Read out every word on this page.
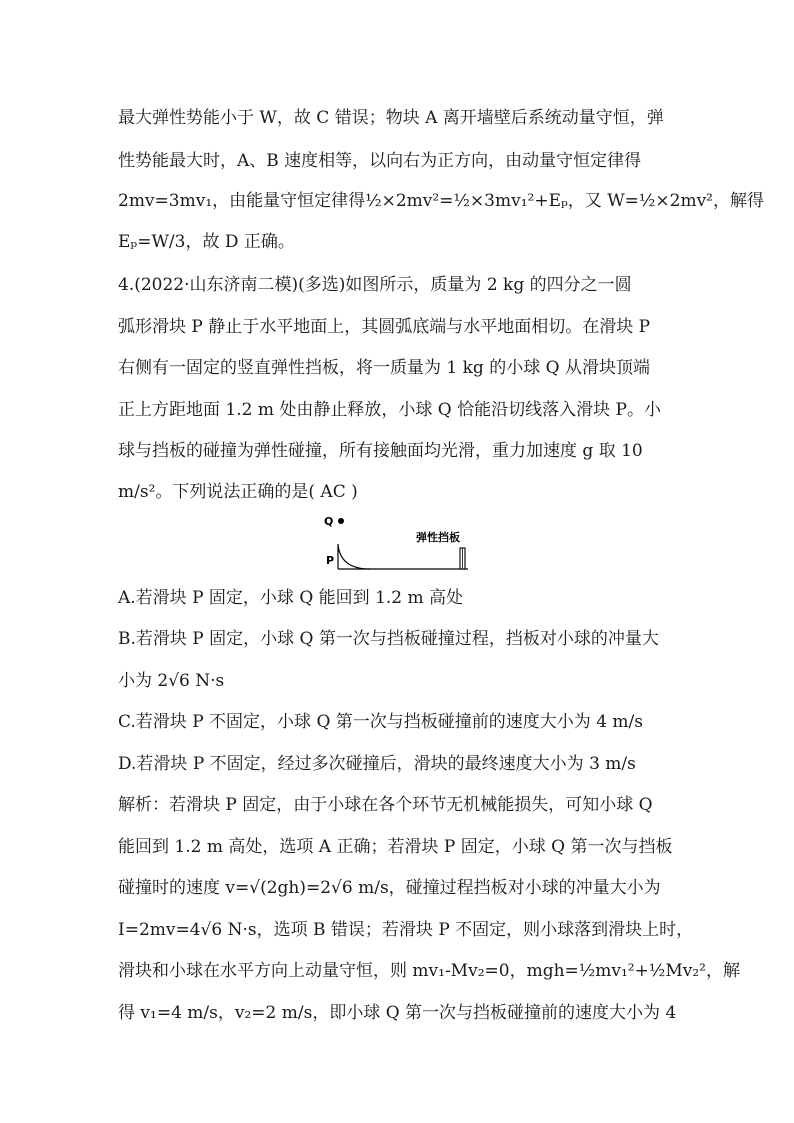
最大弹性势能小于 W，故 C 错误；物块 A 离开墙壁后系统动量守恒，弹
性势能最大时，A、B 速度相等，以向右为正方向，由动量守恒定律得
2mv=3mv₁，由能量守恒定律得½×2mv²=½×3mv₁²+Eₚ，又 W=½×2mv²，解得
Eₚ=W/3，故 D 正确。
4.(2022·山东济南二模)(多选)如图所示，质量为 2 kg 的四分之一圆
弧形滑块 P 静止于水平地面上，其圆弧底端与水平地面相切。在滑块 P
右侧有一固定的竖直弹性挡板，将一质量为 1 kg 的小球 Q 从滑块顶端
正上方距地面 1.2 m 处由静止释放，小球 Q 恰能沿切线落入滑块 P。小
球与挡板的碰撞为弹性碰撞，所有接触面均光滑，重力加速度 g 取 10
m/s²。下列说法正确的是( AC )
Q
P
弹性挡板
A.若滑块 P 固定，小球 Q 能回到 1.2 m 高处
B.若滑块 P 固定，小球 Q 第一次与挡板碰撞过程，挡板对小球的冲量大
小为 2√6 N·s
C.若滑块 P 不固定，小球 Q 第一次与挡板碰撞前的速度大小为 4 m/s
D.若滑块 P 不固定，经过多次碰撞后，滑块的最终速度大小为 3 m/s
解析：若滑块 P 固定，由于小球在各个环节无机械能损失，可知小球 Q
能回到 1.2 m 高处，选项 A 正确；若滑块 P 固定，小球 Q 第一次与挡板
碰撞时的速度 v=√(2gh)=2√6 m/s，碰撞过程挡板对小球的冲量大小为
I=2mv=4√6 N·s，选项 B 错误；若滑块 P 不固定，则小球落到滑块上时，
滑块和小球在水平方向上动量守恒，则 mv₁-Mv₂=0，mgh=½mv₁²+½Mv₂²，解
得 v₁=4 m/s，v₂=2 m/s，即小球 Q 第一次与挡板碰撞前的速度大小为 4
